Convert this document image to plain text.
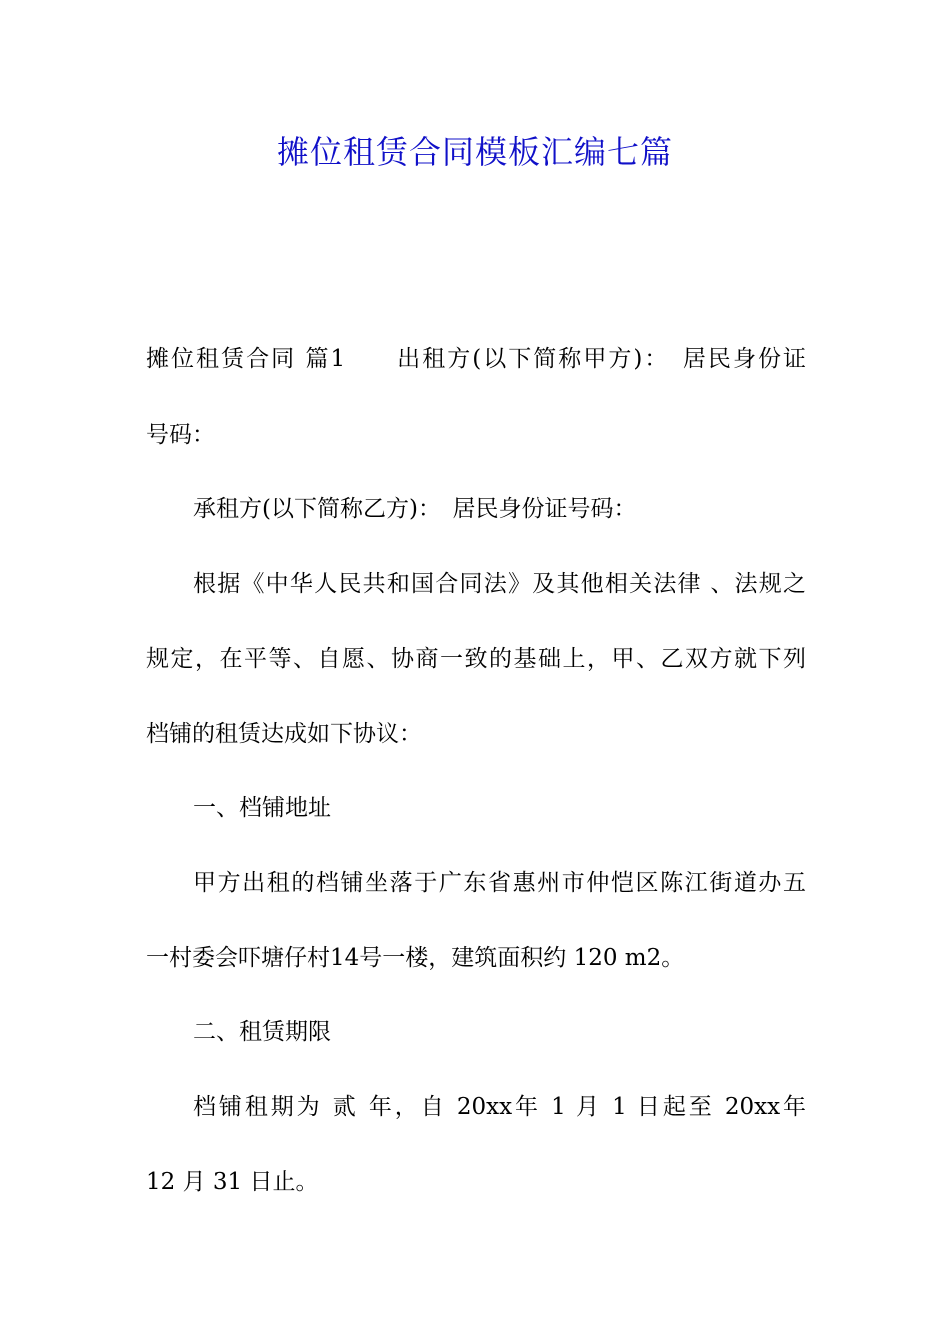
摊位租赁合同模板汇编七篇

摊位租赁合同 篇1　　出租方(以下简称甲方)：　居民身份证

号码：

承租方(以下简称乙方)：　居民身份证号码：

根据《中华人民共和国合同法》及其他相关法律 、法规之

规定，在平等、自愿、协商一致的基础上，甲、乙双方就下列

档铺的租赁达成如下协议：

一、档铺地址

甲方出租的档铺坐落于广东省惠州市仲恺区陈江街道办五

一村委会吓塘仔村14号一楼，建筑面积约 120 m2。

二、租赁期限

档铺租期为 贰 年，自 20xx年 1 月 1 日起至 20xx年

12 月 31 日止。
